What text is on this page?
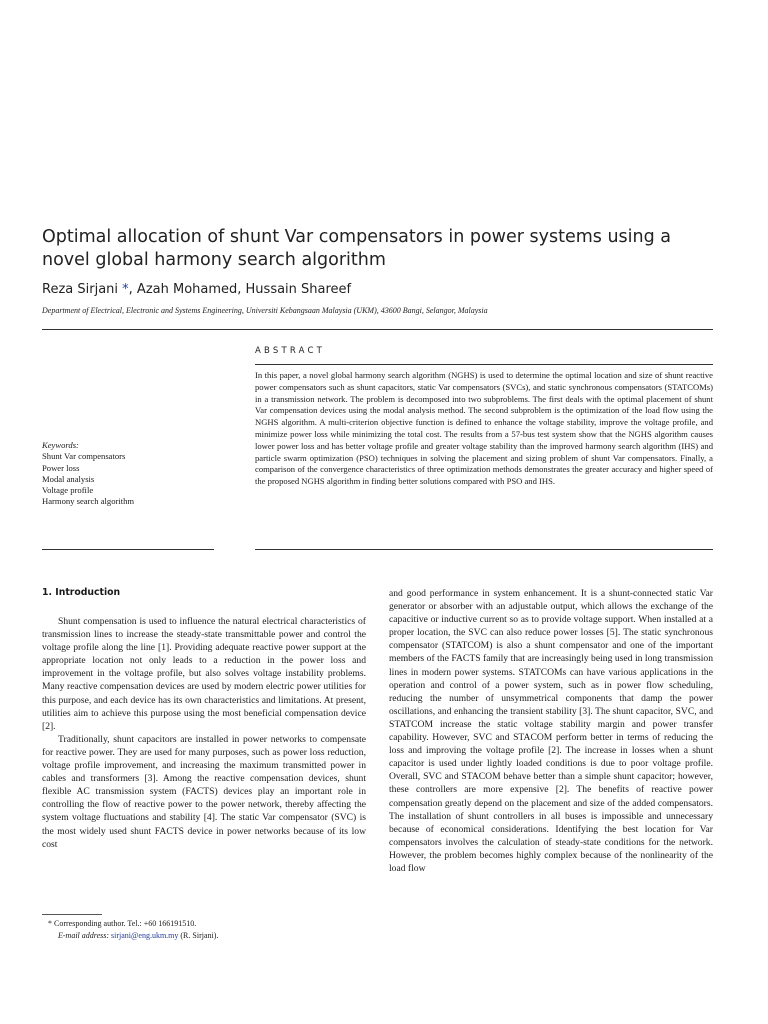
Optimal allocation of shunt Var compensators in power systems using a novel global harmony search algorithm
Reza Sirjani *, Azah Mohamed, Hussain Shareef
Department of Electrical, Electronic and Systems Engineering, Universiti Kebangsaan Malaysia (UKM), 43600 Bangi, Selangor, Malaysia
ABSTRACT

In this paper, a novel global harmony search algorithm (NGHS) is used to determine the optimal location and size of shunt reactive power compensators such as shunt capacitors, static Var compensators (SVCs), and static synchronous compensators (STATCOMs) in a transmission network. The problem is decomposed into two subproblems. The first deals with the optimal placement of shunt Var compensation devices using the modal analysis method. The second subproblem is the optimization of the load flow using the NGHS algorithm. A multi-criterion objective function is defined to enhance the voltage stability, improve the voltage profile, and minimize power loss while minimizing the total cost. The results from a 57-bus test system show that the NGHS algorithm causes lower power loss and has better voltage profile and greater voltage stability than the improved harmony search algorithm (IHS) and particle swarm optimization (PSO) techniques in solving the placement and sizing problem of shunt Var compensators. Finally, a comparison of the convergence characteristics of three optimization methods demonstrates the greater accuracy and higher speed of the proposed NGHS algorithm in finding better solutions compared with PSO and IHS.

Keywords:
Shunt Var compensators
Power loss
Modal analysis
Voltage profile
Harmony search algorithm
1. Introduction

Shunt compensation is used to influence the natural electrical characteristics of transmission lines to increase the steady-state transmittable power and control the voltage profile along the line [1]. Providing adequate reactive power support at the appropriate location not only leads to a reduction in the power loss and improvement in the voltage profile, but also solves voltage instability problems. Many reactive compensation devices are used by modern electric power utilities for this purpose, and each device has its own characteristics and limitations. At present, utilities aim to achieve this purpose using the most beneficial compensation device [2].

Traditionally, shunt capacitors are installed in power networks to compensate for reactive power. They are used for many purposes, such as power loss reduction, voltage profile improvement, and increasing the maximum transmitted power in cables and transformers [3]. Among the reactive compensation devices, shunt flexible AC transmission system (FACTS) devices play an important role in controlling the flow of reactive power to the power network, thereby affecting the system voltage fluctuations and stability [4]. The static Var compensator (SVC) is the most widely used shunt FACTS device in power networks because of its low cost

and good performance in system enhancement. It is a shunt-connected static Var generator or absorber with an adjustable output, which allows the exchange of the capacitive or inductive current so as to provide voltage support. When installed at a proper location, the SVC can also reduce power losses [5]. The static synchronous compensator (STATCOM) is also a shunt compensator and one of the important members of the FACTS family that are increasingly being used in long transmission lines in modern power systems. STATCOMs can have various applications in the operation and control of a power system, such as in power flow scheduling, reducing the number of unsymmetrical components that damp the power oscillations, and enhancing the transient stability [3]. The shunt capacitor, SVC, and STATCOM increase the static voltage stability margin and power transfer capability. However, SVC and STACOM perform better in terms of reducing the loss and improving the voltage profile [2]. The increase in losses when a shunt capacitor is used under lightly loaded conditions is due to poor voltage profile. Overall, SVC and STACOM behave better than a simple shunt capacitor; however, these controllers are more expensive [2]. The benefits of reactive power compensation greatly depend on the placement and size of the added compensators. The installation of shunt controllers in all buses is impossible and unnecessary because of economical considerations. Identifying the best location for Var compensators involves the calculation of steady-state conditions for the network. However, the problem becomes highly complex because of the nonlinearity of the load flow

* Corresponding author. Tel.: +60 166191510.
E-mail address: sirjani@eng.ukm.my (R. Sirjani).
